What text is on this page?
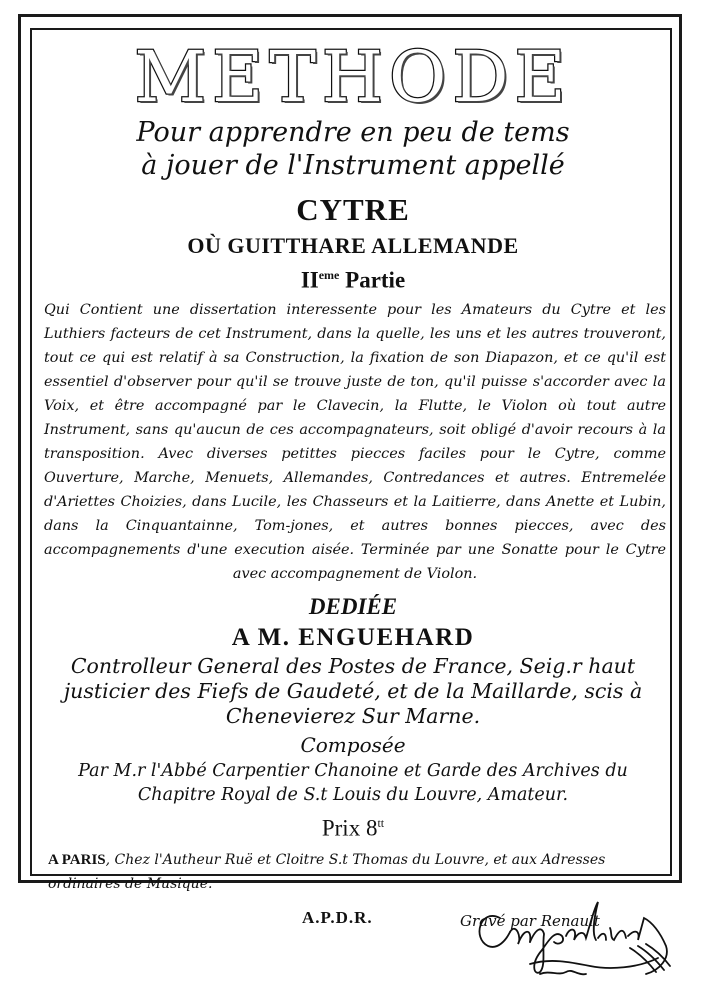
METHODE
Pour apprendre en peu de tems
à jouer de l'Instrument appellé
CYTRE
OÙ GUITTHARE ALLEMANDE
IIeme Partie
Qui Contient une dissertation interessente pour les Amateurs du Cytre et les Luthiers facteurs de cet Instrument, dans la quelle, les uns et les autres trouveront, tout ce qui est relatif à sa Construction, la fixation de son Diapazon, et ce qu'il est essentiel d'observer pour qu'il se trouve juste de ton, qu'il puisse s'accorder avec la Voix, et être accompagné par le Clavecin, la Flutte, le Violon où tout autre Instrument, sans qu'aucun de ces accompagnateurs, soit obligé d'avoir recours à la transposition. Avec diverses petittes piecces faciles pour le Cytre, comme Ouverture, Marche, Menuets, Allemandes, Contredances et autres. Entremelée d'Ariettes Choizies, dans Lucile, les Chasseurs et la Laitierre, dans Anette et Lubin, dans la Cinquantainne, Tom-jones, et autres bonnes piecces, avec des accompagnements d'une execution aisée. Terminée par une Sonatte pour le Cytre avec accompagnement de Violon.
DEDIÉE
A M. ENGUEHARD
Controlleur General des Postes de France, Seig.r haut justicier des Fiefs de Gaudeté, et de la Maillarde, scis à Chenevierez Sur Marne.
Composée
Par M.r l'Abbé Carpentier Chanoine et Garde des Archives du Chapitre Royal de S.t Louis du Louvre, Amateur.
Prix $8^{tt}$
A PARIS, Chez l'Autheur Ruë et Cloitre S.t Thomas du Louvre, et aux Adresses ordinaires de Musique.
A.P.D.R.	Gravé par Renault
